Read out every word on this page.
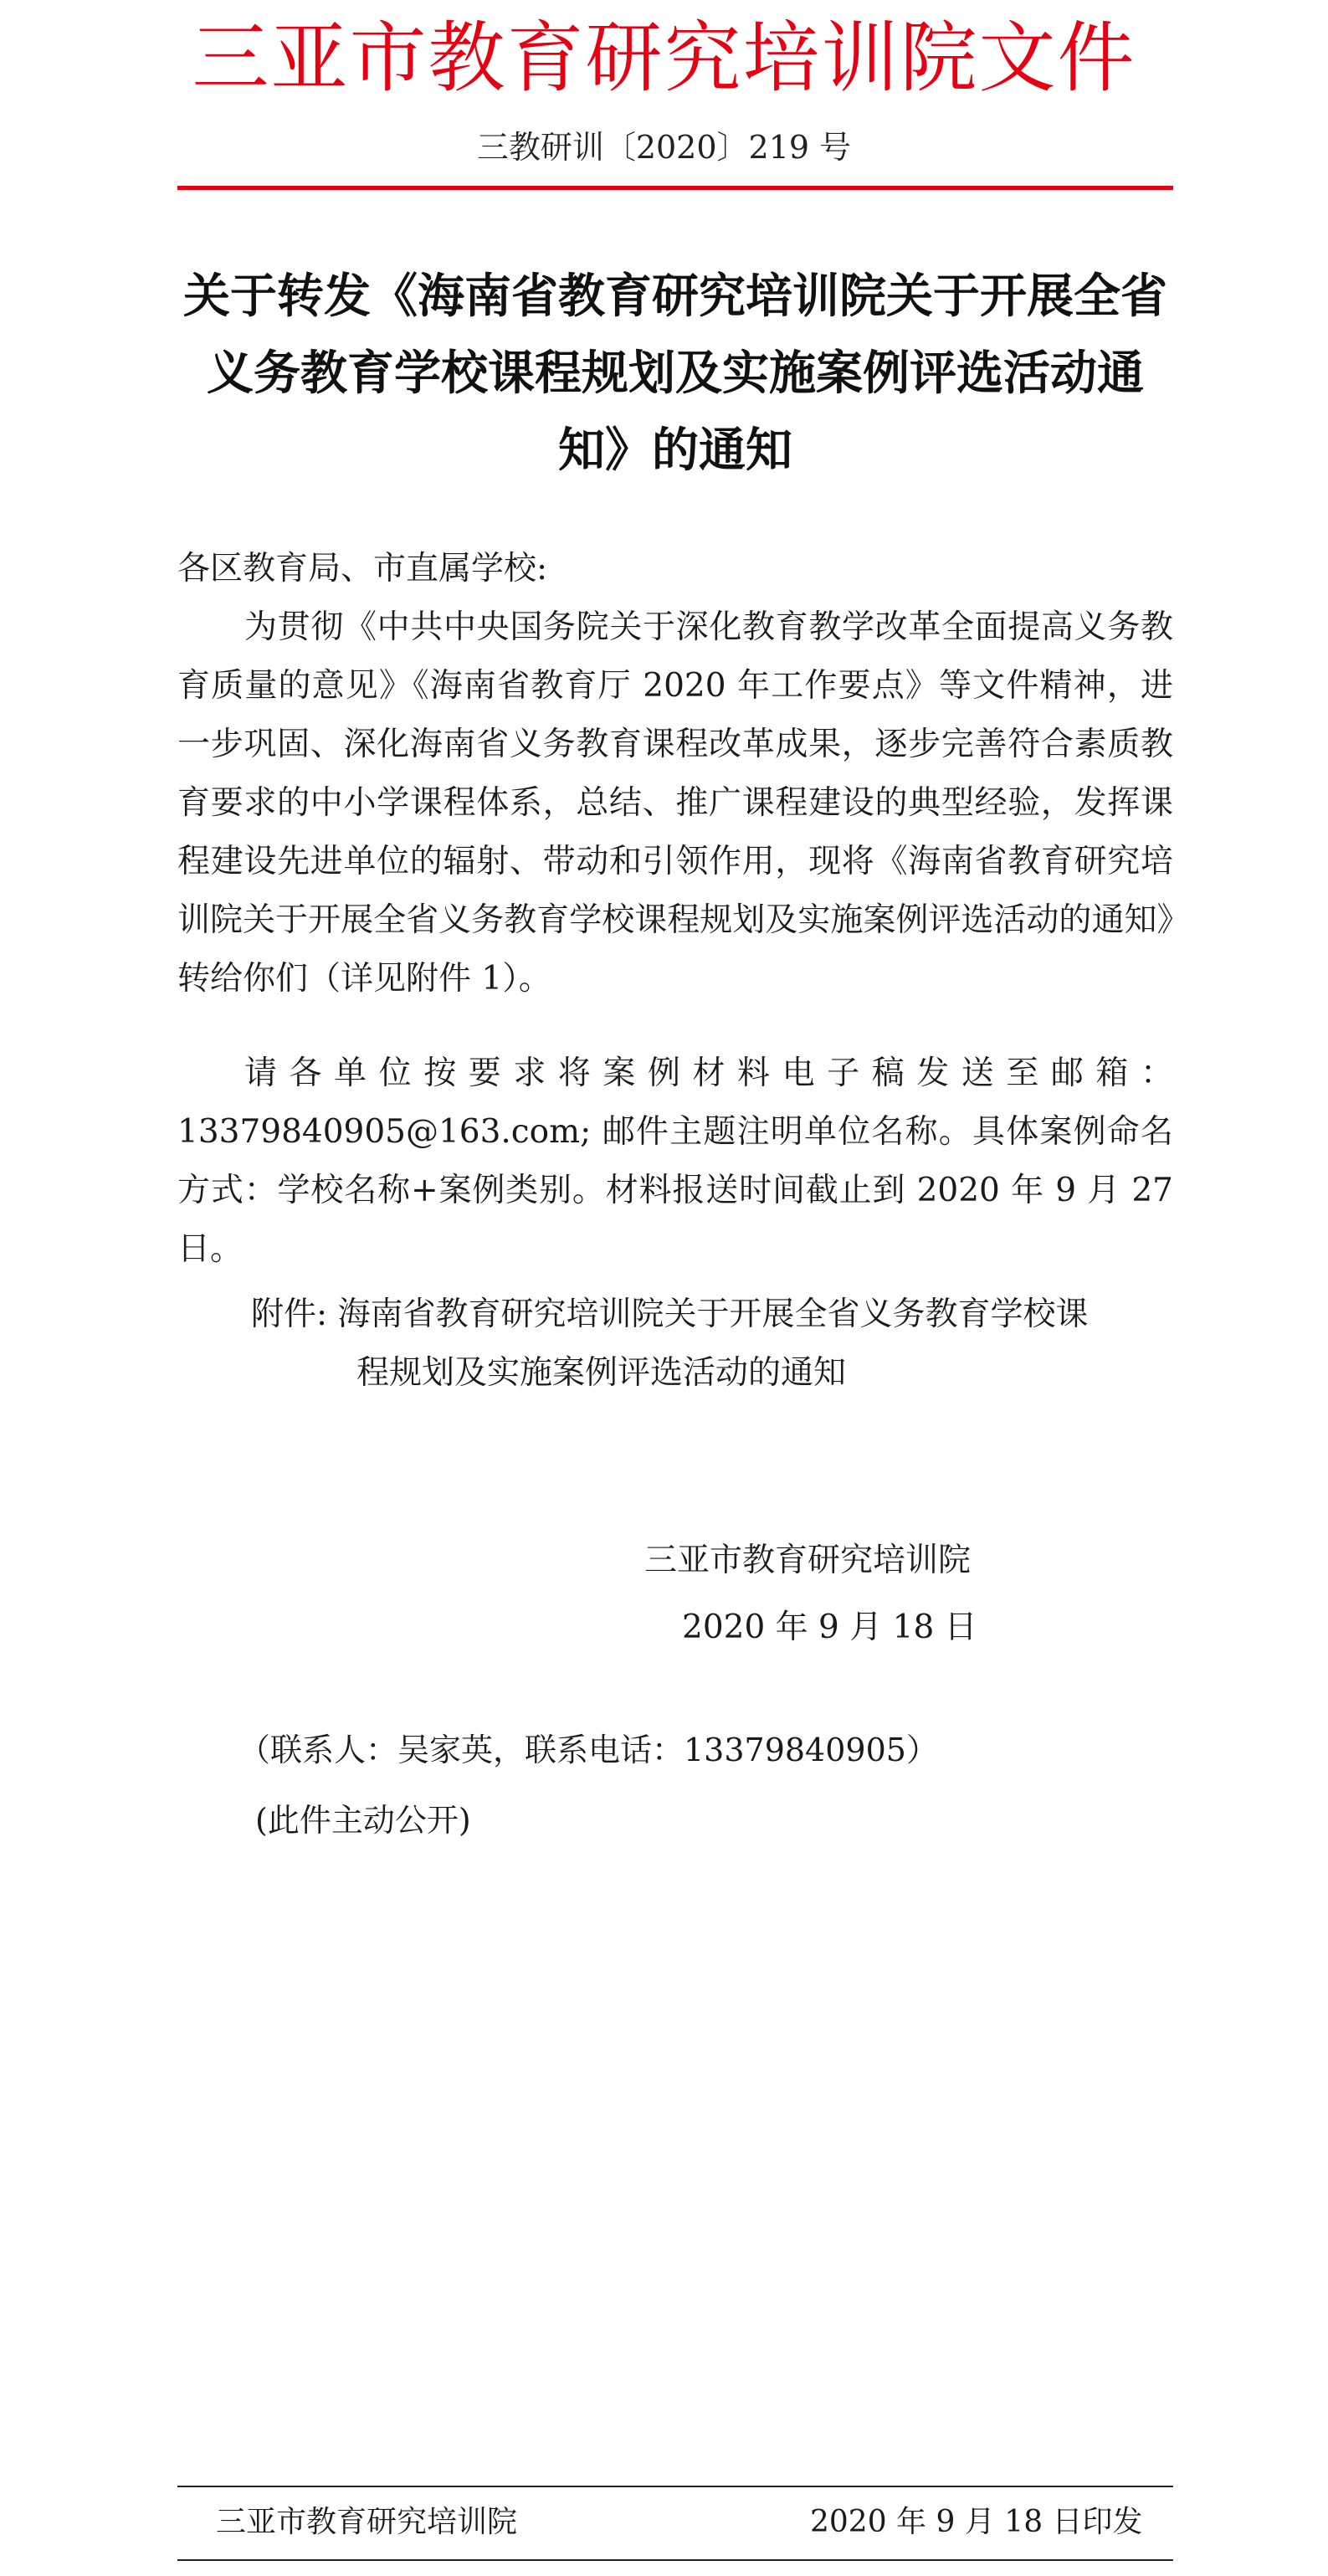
三亚市教育研究培训院文件
三教研训〔2020〕219 号
关于转发《海南省教育研究培训院关于开展全省义务教育学校课程规划及实施案例评选活动通知》的通知

各区教育局、市直属学校:

为贯彻《中共中央国务院关于深化教育教学改革全面提高义务教育质量的意见》《海南省教育厅 2020 年工作要点》等文件精神，进一步巩固、深化海南省义务教育课程改革成果，逐步完善符合素质教育要求的中小学课程体系，总结、推广课程建设的典型经验，发挥课程建设先进单位的辐射、带动和引领作用，现将《海南省教育研究培训院关于开展全省义务教育学校课程规划及实施案例评选活动的通知》转给你们（详见附件 1）。

请各单位按要求将案例材料电子稿发送至邮箱：13379840905@163.com; 邮件主题注明单位名称。具体案例命名方式：学校名称+案例类别。材料报送时间截止到 2020 年 9 月 27 日。

附件: 海南省教育研究培训院关于开展全省义务教育学校课
程规划及实施案例评选活动的通知
三亚市教育研究培训院
2020 年 9 月 18 日
（联系人：吴家英，联系电话：13379840905）
(此件主动公开)
三亚市教育研究培训院	2020 年 9 月 18 日印发
